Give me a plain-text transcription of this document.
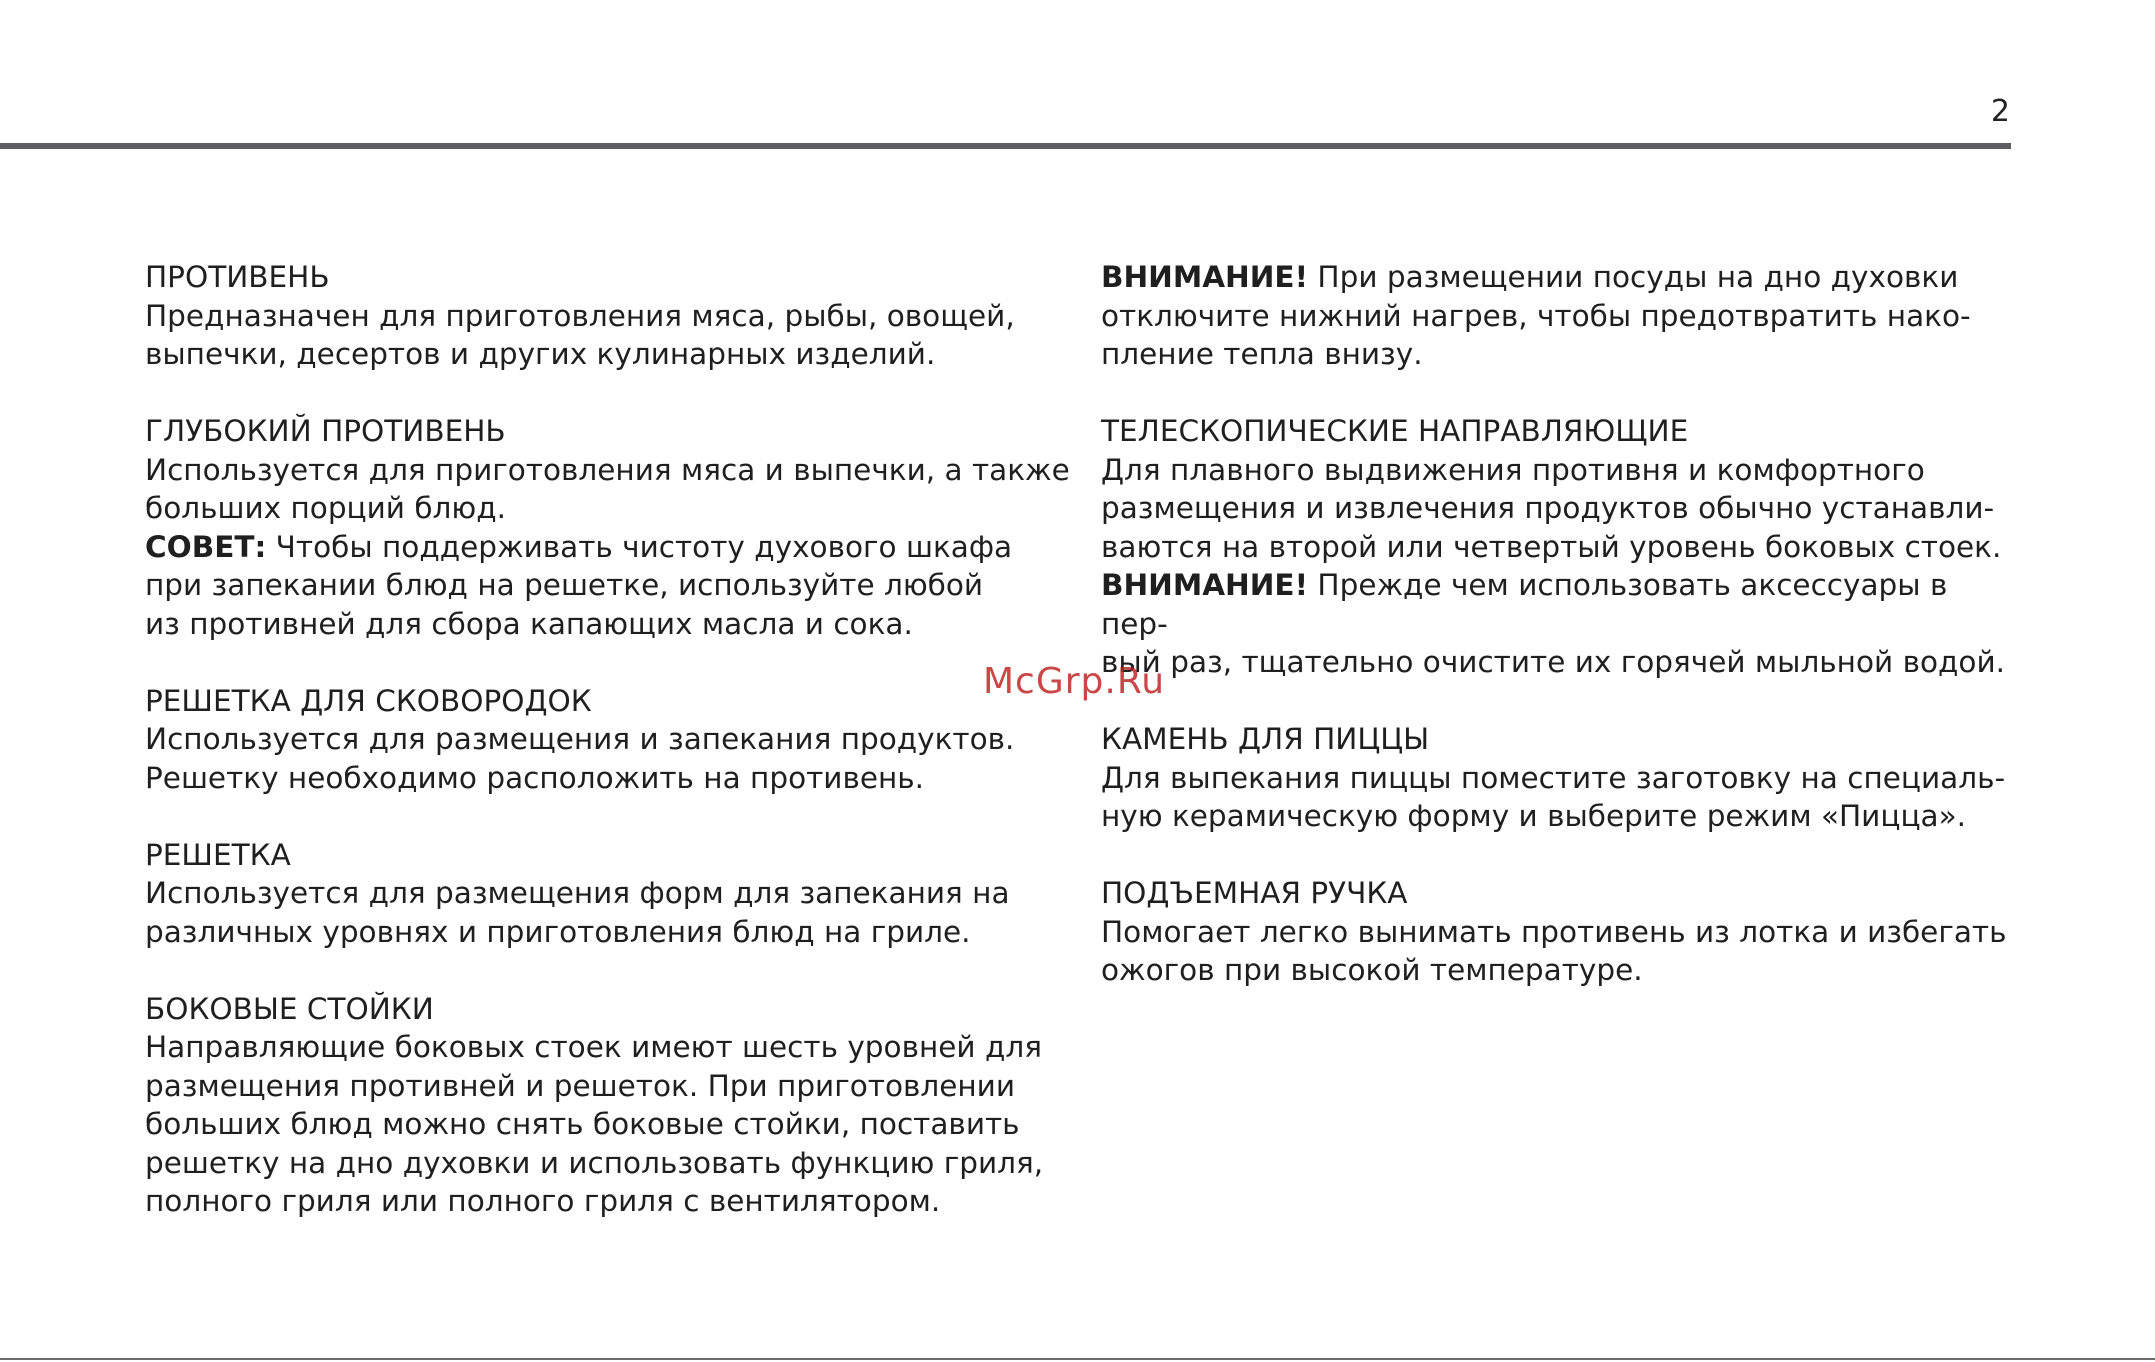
2

ПРОТИВЕНЬ

Предназначен для приготовления мяса, рыбы, овощей,
выпечки, десертов и других кулинарных изделий.

ГЛУБОКИЙ ПРОТИВЕНЬ

Используется для приготовления мяса и выпечки, а также
больших порций блюд.

СОВЕТ: Чтобы поддерживать чистоту духового шкафа
при запекании блюд на решетке, используйте любой
из противней для сбора капающих масла и сока.

РЕШЕТКА ДЛЯ СКОВОРОДОК

Используется для размещения и запекания продуктов.
Решетку необходимо расположить на противень.

РЕШЕТКА

Используется для размещения форм для запекания на
различных уровнях и приготовления блюд на гриле.

БОКОВЫЕ СТОЙКИ

Направляющие боковых стоек имеют шесть уровней для
размещения противней и решеток. При приготовлении
больших блюд можно снять боковые стойки, поставить
решетку на дно духовки и использовать функцию гриля,
полного гриля или полного гриля с вентилятором.

ВНИМАНИЕ! При размещении посуды на дно духовки
отключите нижний нагрев, чтобы предотвратить нако-
пление тепла внизу.

ТЕЛЕСКОПИЧЕСКИЕ НАПРАВЛЯЮЩИЕ

Для плавного выдвижения противня и комфортного
размещения и извлечения продуктов обычно устанавли-
ваются на второй или четвертый уровень боковых стоек.

ВНИМАНИЕ! Прежде чем использовать аксессуары в пер-
вый раз, тщательно очистите их горячей мыльной водой.

КАМЕНЬ ДЛЯ ПИЦЦЫ

Для выпекания пиццы поместите заготовку на специаль-
ную керамическую форму и выберите режим «Пицца».

ПОДЪЕМНАЯ РУЧКА

Помогает легко вынимать противень из лотка и избегать
ожогов при высокой температуре.

McGrp.Ru
